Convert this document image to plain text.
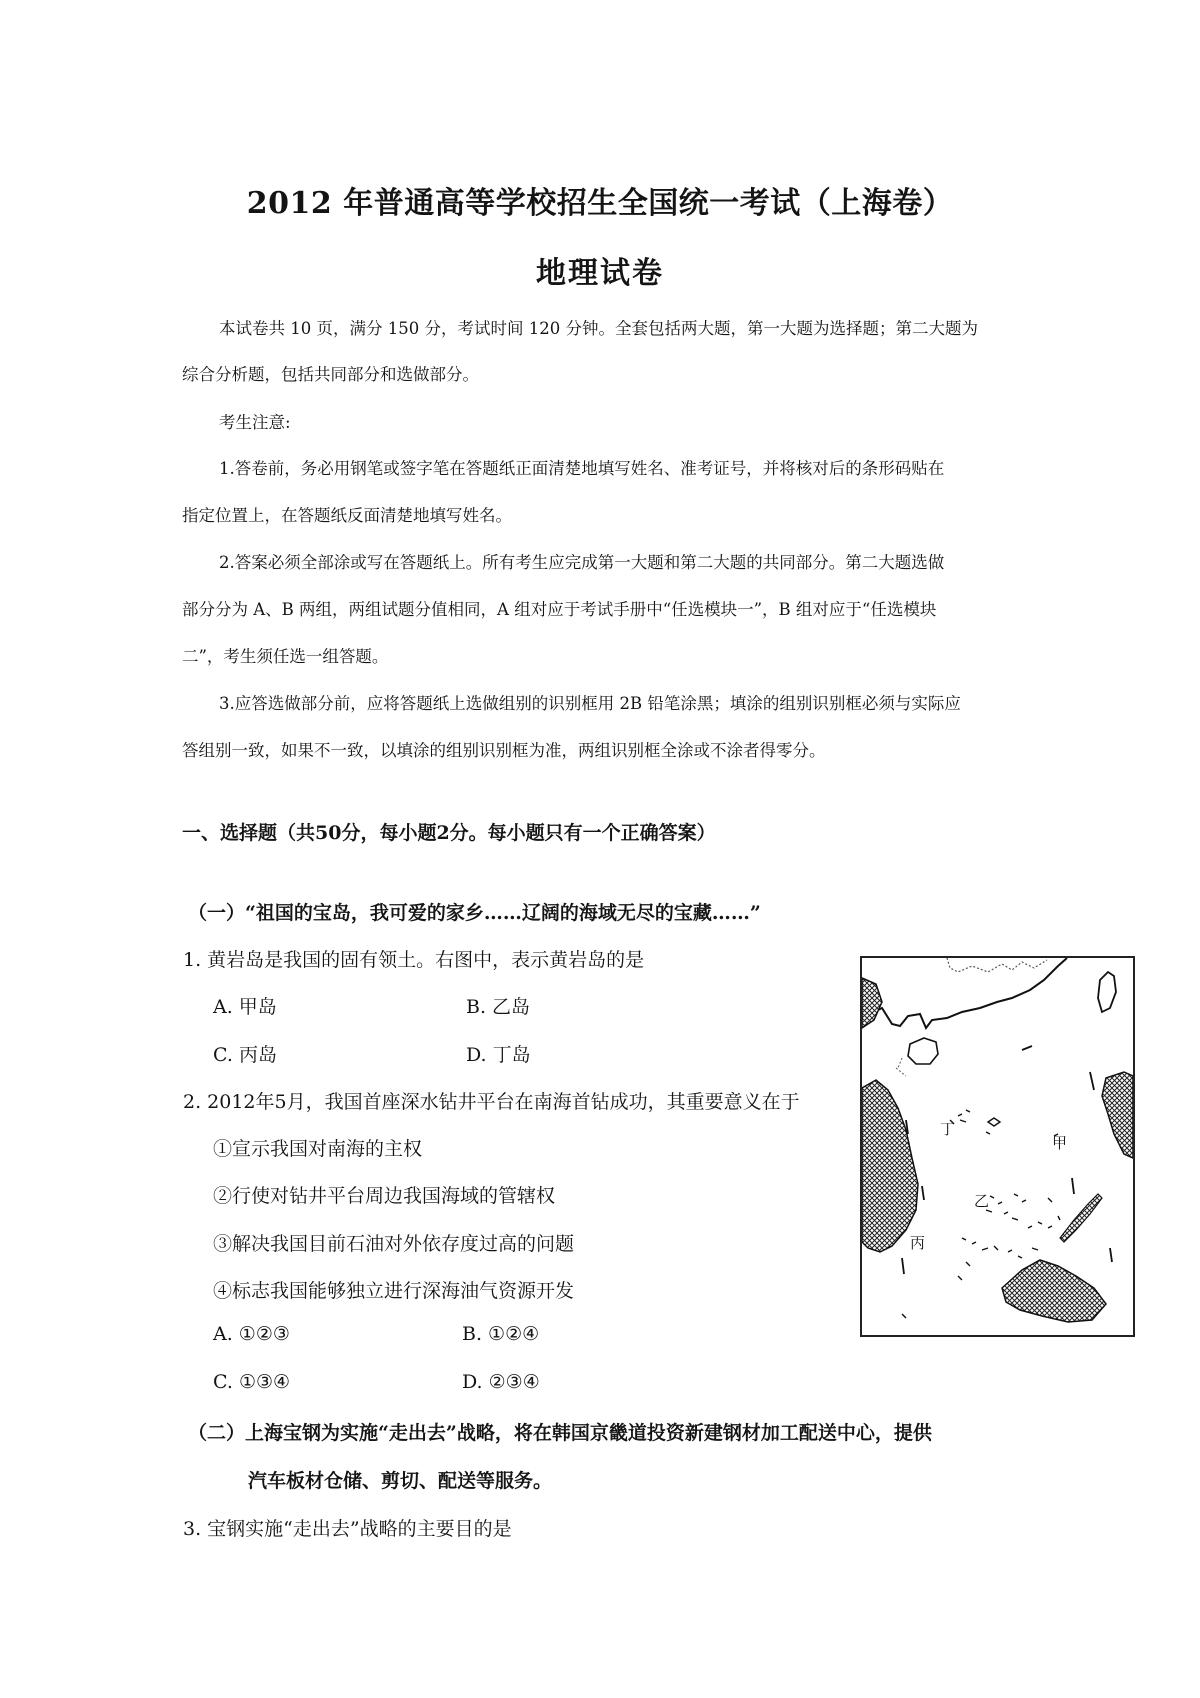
2012 年普通高等学校招生全国统一考试（上海卷）
地理试卷
本试卷共 10 页，满分 150 分，考试时间 120 分钟。全套包括两大题，第一大题为选择题；第二大题为
综合分析题，包括共同部分和选做部分。
考生注意:
1.答卷前，务必用钢笔或签字笔在答题纸正面清楚地填写姓名、准考证号，并将核对后的条形码贴在
指定位置上，在答题纸反面清楚地填写姓名。
2.答案必须全部涂或写在答题纸上。所有考生应完成第一大题和第二大题的共同部分。第二大题选做
部分分为 A、B 两组，两组试题分值相同，A 组对应于考试手册中“任选模块一”，B 组对应于“任选模块
二”，考生须任选一组答题。
3.应答选做部分前，应将答题纸上选做组别的识别框用 2B 铅笔涂黑；填涂的组别识别框必须与实际应
答组别一致，如果不一致，以填涂的组别识别框为准，两组识别框全涂或不涂者得零分。
一、选择题（共50分，每小题2分。每小题只有一个正确答案）
（一）“祖国的宝岛，我可爱的家乡……辽阔的海域无尽的宝藏……”
1. 黄岩岛是我国的固有领土。右图中，表示黄岩岛的是
A. 甲岛	B. 乙岛
C. 丙岛	D. 丁岛
2. 2012年5月，我国首座深水钻井平台在南海首钻成功，其重要意义在于
①宣示我国对南海的主权
②行使对钻井平台周边我国海域的管辖权
③解决我国目前石油对外依存度过高的问题
④标志我国能够独立进行深海油气资源开发
A. ①②③	B. ①②④
C. ①③④	D. ②③④
（二）上海宝钢为实施“走出去”战略，将在韩国京畿道投资新建钢材加工配送中心，提供
汽车板材仓储、剪切、配送等服务。
3. 宝钢实施“走出去”战略的主要目的是
甲
乙
丙
丁
